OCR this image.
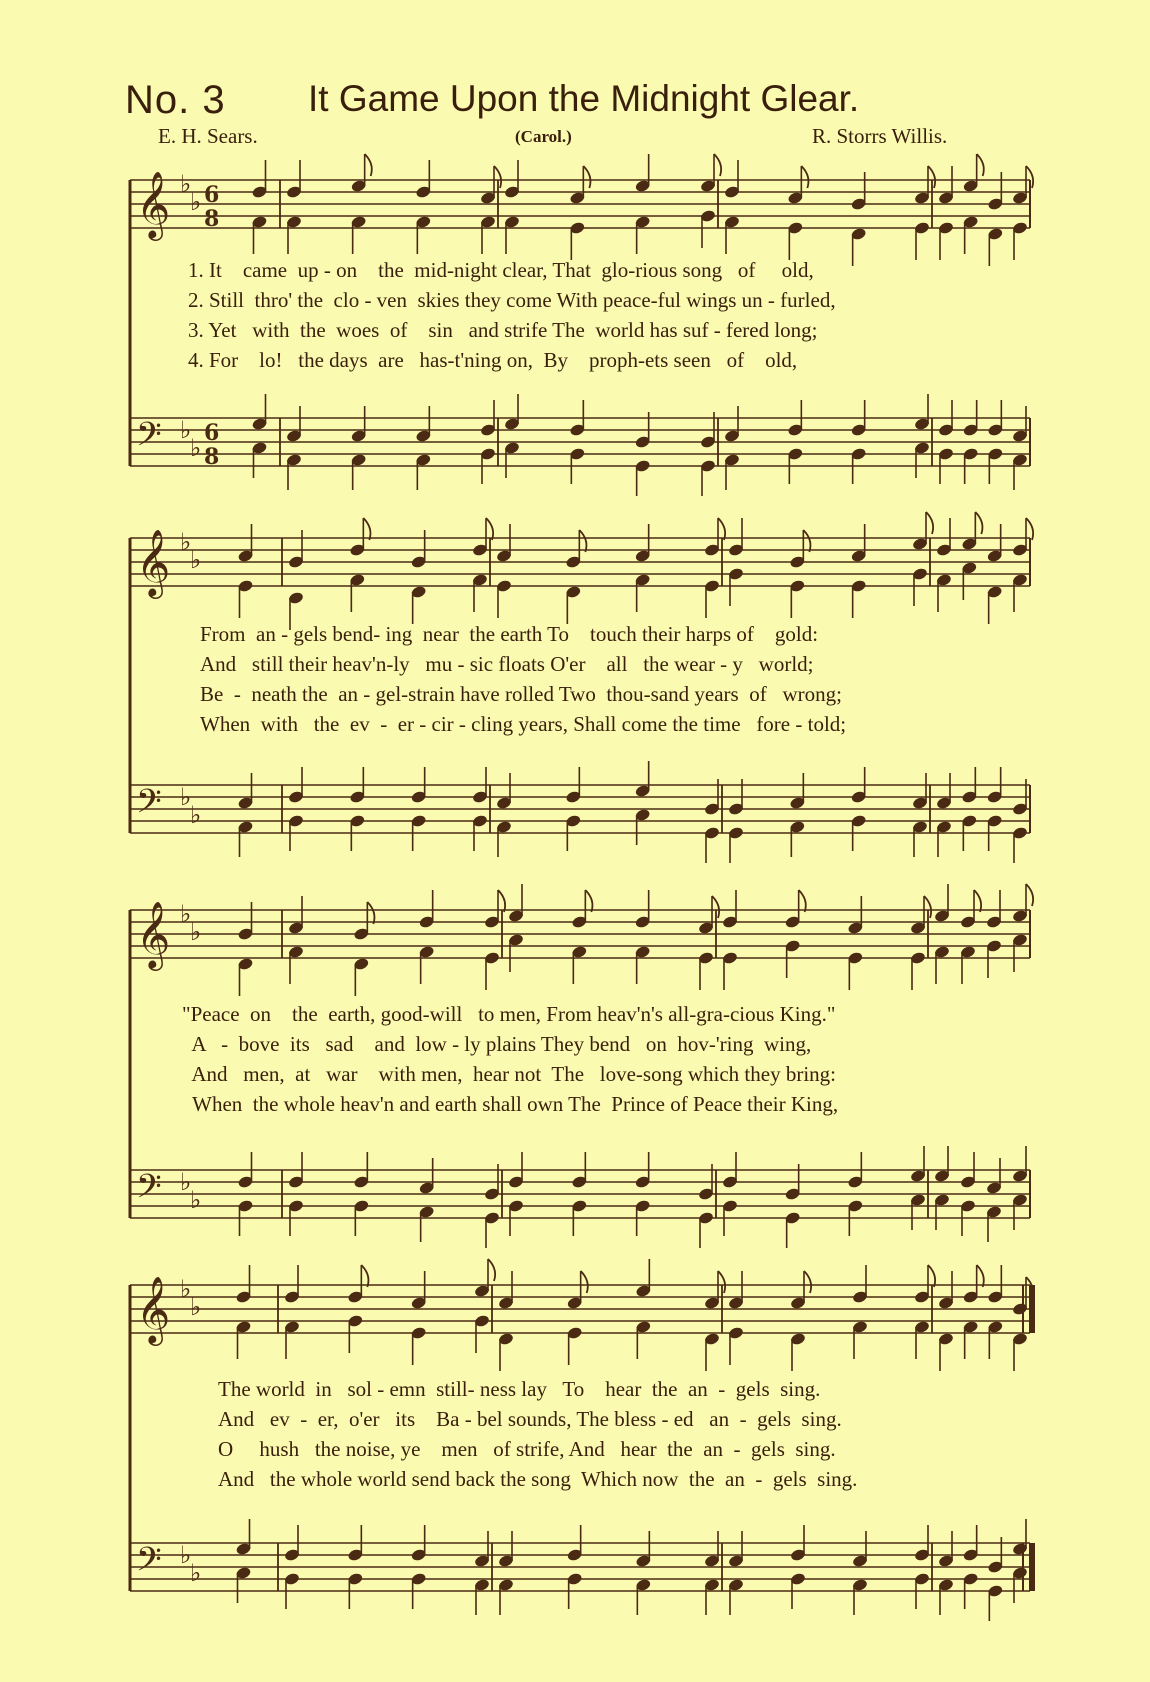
No. 3 It Game Upon the Midnight Glear.
E. H. Sears.	(Carol.)	R. Storrs Willis.
𝄞 ♭
♭ 6
8
𝄢 ♭
♭
6
8
𝄞 ♭
♭
𝄢 ♭
♭
𝄞 ♭
♭
𝄢 ♭
♭
𝄞 ♭
♭
𝄢 ♭
♭
1. It    came  up - on    the  mid-night clear, That  glo-rious song   of     old,
2. Still  thro' the  clo - ven  skies they come With peace-ful wings un - furled,
3. Yet   with  the  woes  of    sin   and strife The  world has suf - fered long;
4. For    lo!   the days  are   has-t'ning on,  By    proph-ets seen   of    old,
From  an - gels bend- ing  near  the earth To    touch their harps of    gold:
And   still their heav'n-ly   mu - sic floats O'er    all   the wear - y   world;
Be  -  neath the  an - gel-strain have rolled Two  thou-sand years  of   wrong;
When  with   the  ev  -  er - cir - cling years, Shall come the time   fore - told;
"Peace  on    the  earth, good-will   to men, From heav'n's all-gra-cious King."
A   -  bove  its   sad    and  low - ly plains They bend   on  hov-'ring  wing,
And   men,  at   war    with men,  hear not  The   love-song which they bring:
When  the whole heav'n and earth shall own The  Prince of Peace their King,
The world  in   sol - emn  still- ness lay   To    hear  the  an  -  gels  sing.
And   ev  -  er,  o'er   its    Ba - bel sounds, The bless - ed   an  -  gels  sing.
O     hush   the noise, ye    men   of strife, And   hear  the  an  -  gels  sing.
And   the whole world send back the song  Which now  the  an  -  gels  sing.
